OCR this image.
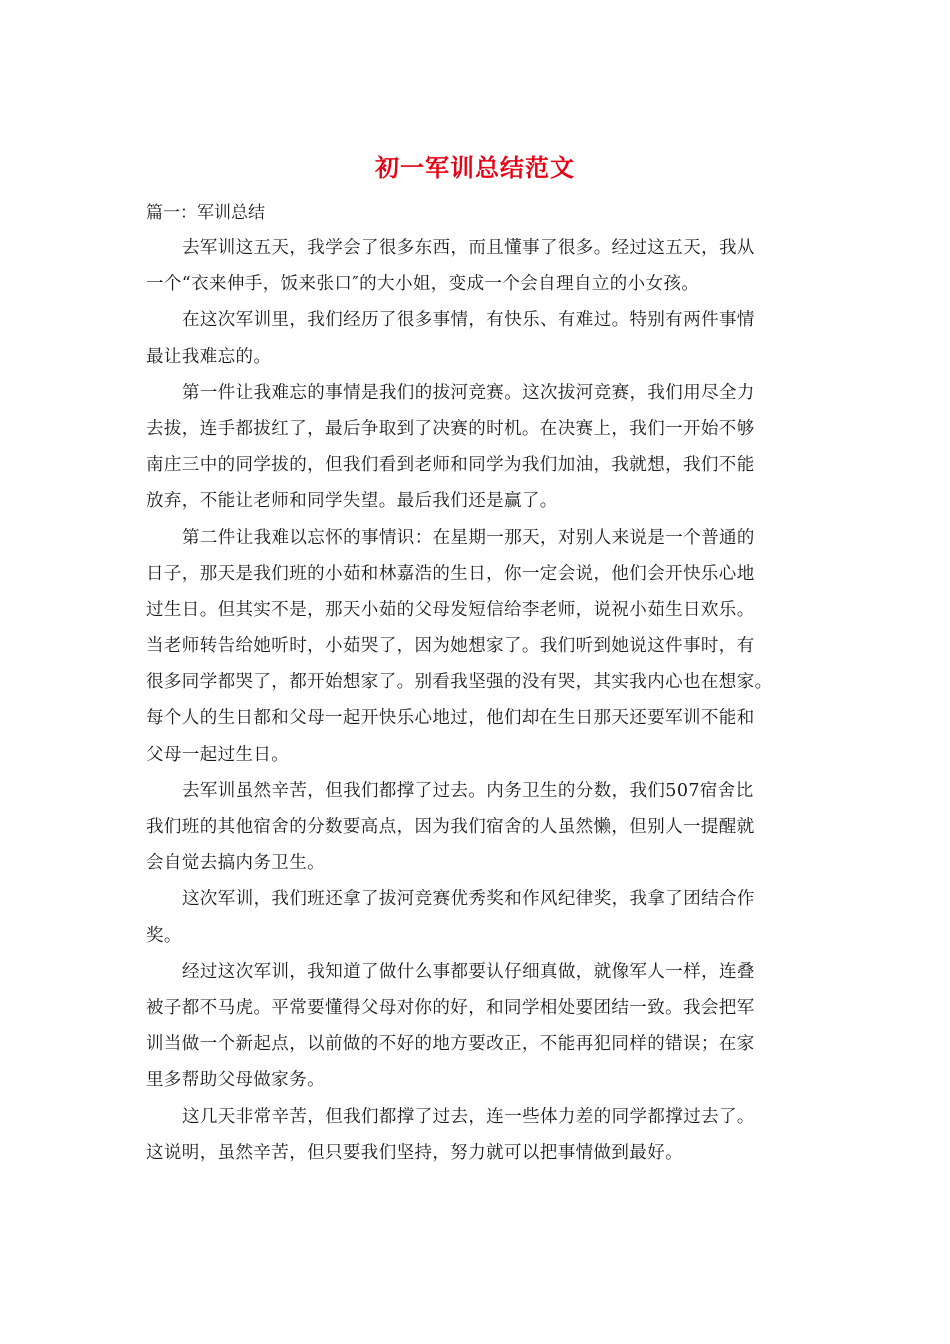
初一军训总结范文
篇一：军训总结
去军训这五天，我学会了很多东西，而且懂事了很多。经过这五天，我从
一个“衣来伸手，饭来张口″的大小姐，变成一个会自理自立的小女孩。
在这次军训里，我们经历了很多事情，有快乐、有难过。特别有两件事情
最让我难忘的。
第一件让我难忘的事情是我们的拔河竞赛。这次拔河竞赛，我们用尽全力
去拔，连手都拔红了，最后争取到了决赛的时机。在决赛上，我们一开始不够
南庄三中的同学拔的，但我们看到老师和同学为我们加油，我就想，我们不能
放弃，不能让老师和同学失望。最后我们还是赢了。
第二件让我难以忘怀的事情识：在星期一那天，对别人来说是一个普通的
日子，那天是我们班的小茹和林嘉浩的生日，你一定会说，他们会开快乐心地
过生日。但其实不是，那天小茹的父母发短信给李老师，说祝小茹生日欢乐。
当老师转告给她听时，小茹哭了，因为她想家了。我们听到她说这件事时，有
很多同学都哭了，都开始想家了。别看我坚强的没有哭，其实我内心也在想家。
每个人的生日都和父母一起开快乐心地过，他们却在生日那天还要军训不能和
父母一起过生日。
去军训虽然辛苦，但我们都撑了过去。内务卫生的分数，我们507宿舍比
我们班的其他宿舍的分数要高点，因为我们宿舍的人虽然懒，但别人一提醒就
会自觉去搞内务卫生。
这次军训，我们班还拿了拔河竞赛优秀奖和作风纪律奖，我拿了团结合作
奖。
经过这次军训，我知道了做什么事都要认仔细真做，就像军人一样，连叠
被子都不马虎。平常要懂得父母对你的好，和同学相处要团结一致。我会把军
训当做一个新起点，以前做的不好的地方要改正，不能再犯同样的错误；在家
里多帮助父母做家务。
这几天非常辛苦，但我们都撑了过去，连一些体力差的同学都撑过去了。
这说明，虽然辛苦，但只要我们坚持，努力就可以把事情做到最好。
